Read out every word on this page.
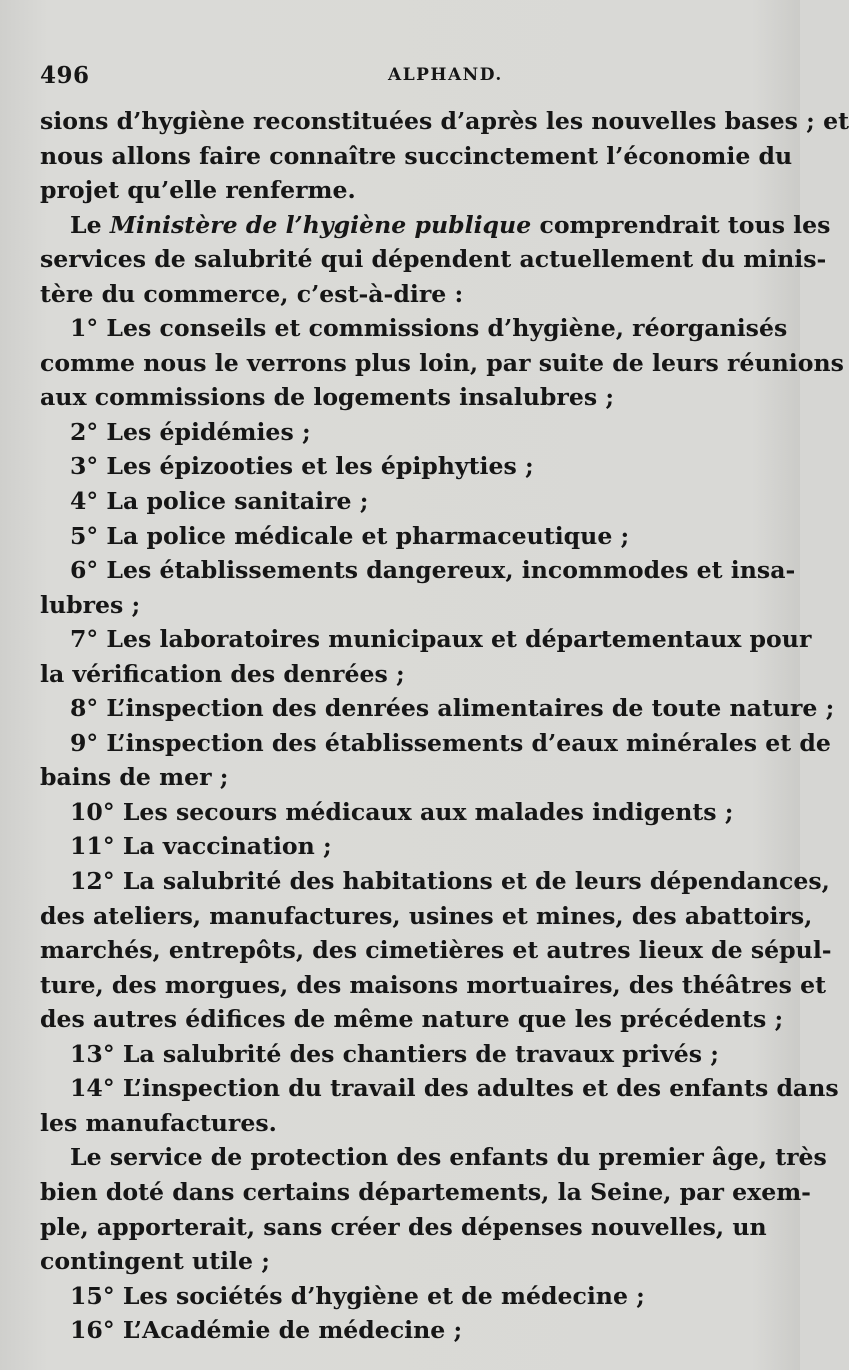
496	ALPHAND.
sions d’hygiène reconstituées d’après les nouvelles bases ; et
nous allons faire connaître succinctement l’économie du
projet qu’elle renferme.
Le Ministère de l’hygiène publique comprendrait tous les
services de salubrité qui dépendent actuellement du minis-
tère du commerce, c’est-à-dire :
1° Les conseils et commissions d’hygiène, réorganisés
comme nous le verrons plus loin, par suite de leurs réunions
aux commissions de logements insalubres ;
2° Les épidémies ;
3° Les épizooties et les épiphyties ;
4° La police sanitaire ;
5° La police médicale et pharmaceutique ;
6° Les établissements dangereux, incommodes et insa-
lubres ;
7° Les laboratoires municipaux et départementaux pour
la vérification des denrées ;
8° L’inspection des denrées alimentaires de toute nature ;
9° L’inspection des établissements d’eaux minérales et de
bains de mer ;
10° Les secours médicaux aux malades indigents ;
11° La vaccination ;
12° La salubrité des habitations et de leurs dépendances,
des ateliers, manufactures, usines et mines, des abattoirs,
marchés, entrepôts, des cimetières et autres lieux de sépul-
ture, des morgues, des maisons mortuaires, des théâtres et
des autres édifices de même nature que les précédents ;
13° La salubrité des chantiers de travaux privés ;
14° L’inspection du travail des adultes et des enfants dans
les manufactures.
Le service de protection des enfants du premier âge, très
bien doté dans certains départements, la Seine, par exem-
ple, apporterait, sans créer des dépenses nouvelles, un
contingent utile ;
15° Les sociétés d’hygiène et de médecine ;
16° L’Académie de médecine ;
